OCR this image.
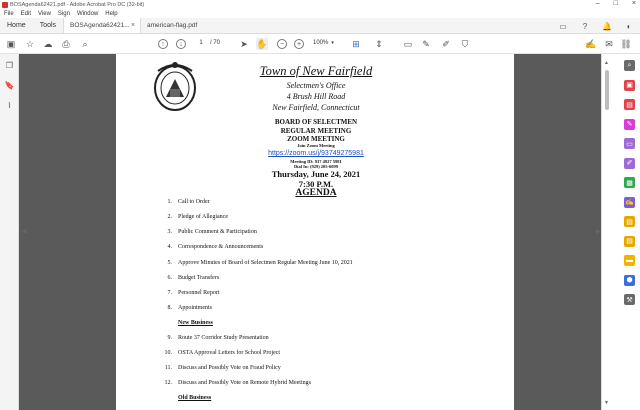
BOSAgenda62421.pdf - Adobe Acrobat Pro DC (32-bit)	– □ ×
File Edit View Sign Window Help
Home	Tools	BOSAgenda62421... × american-flag.pdf	▭	?	🔔	◐
▣ ☆ ☁ ⎙	⌕	↑	↓	1	/ 70 ➤ ✋	−	+	100% ▾ ⊞ ⇕ ▭ ✎ ✐ ⛉	✍ ✉ ⛓
❐
🔖
⌇
Town of New Fairfield
Selectmen's Office
4 Brush Hill Road
New Fairfield, Connecticut
BOARD OF SELECTMEN
REGULAR MEETING
ZOOM MEETING
Join Zoom Meeting
https://zoom.us/j/93749275981
Meeting ID: 937 4927 5981
Dial In: (929) 205-6099
Thursday, June 24, 2021
7:30 P.M.
AGENDA
1.	Call to Order
2.	Pledge of Allegiance
3.	Public Comment & Participation
4.	Correspondence & Announcements
5.	Approve Minutes of Board of Selectmen Regular Meeting June 10, 2021
6.	Budget Transfers
7.	Personnel Report
8.	Appointments
New Business
9.	Route 37 Corridor Study Presentation
10.	OSTA Approval Letters for School Project
11.	Discuss and Possibly Vote on Fraud Policy
12.	Discuss and Possibly Vote on Remote Hybrid Meetings
Old Business
◀	▶
▲
▼
⌕
▣
▤
✎
▭
✐
▦
✍
▤
▤
▬
⬢
⚒
